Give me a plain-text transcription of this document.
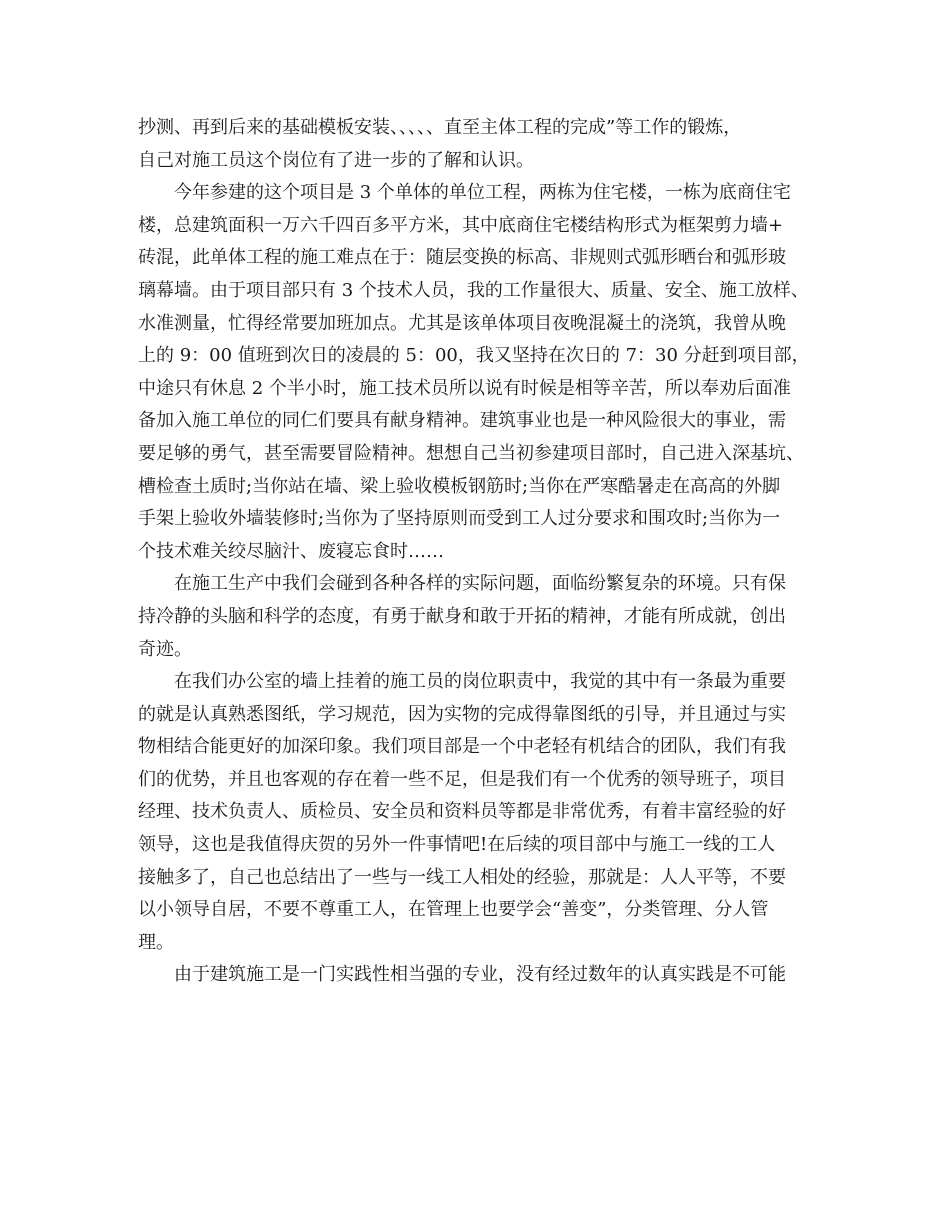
抄测、再到后来的基础模板安装、、、、、直至主体工程的完成”等工作的锻炼，
自己对施工员这个岗位有了进一步的了解和认识。
今年参建的这个项目是 3 个单体的单位工程，两栋为住宅楼，一栋为底商住宅
楼，总建筑面积一万六千四百多平方米，其中底商住宅楼结构形式为框架剪力墙+
砖混，此单体工程的施工难点在于：随层变换的标高、非规则式弧形晒台和弧形玻
璃幕墙。由于项目部只有 3 个技术人员，我的工作量很大、质量、安全、施工放样、
水准测量，忙得经常要加班加点。尤其是该单体项目夜晚混凝土的浇筑，我曾从晚
上的 9：00 值班到次日的凌晨的 5：00，我又坚持在次日的 7：30 分赶到项目部，
中途只有休息 2 个半小时，施工技术员所以说有时候是相等辛苦，所以奉劝后面准
备加入施工单位的同仁们要具有献身精神。建筑事业也是一种风险很大的事业，需
要足够的勇气，甚至需要冒险精神。想想自己当初参建项目部时，自己进入深基坑、
槽检查土质时;当你站在墙、梁上验收模板钢筋时;当你在严寒酷暑走在高高的外脚
手架上验收外墙装修时;当你为了坚持原则而受到工人过分要求和围攻时;当你为一
个技术难关绞尽脑汁、废寝忘食时……
在施工生产中我们会碰到各种各样的实际问题，面临纷繁复杂的环境。只有保
持冷静的头脑和科学的态度，有勇于献身和敢于开拓的精神，才能有所成就，创出
奇迹。
在我们办公室的墙上挂着的施工员的岗位职责中，我觉的其中有一条最为重要
的就是认真熟悉图纸，学习规范，因为实物的完成得靠图纸的引导，并且通过与实
物相结合能更好的加深印象。我们项目部是一个中老轻有机结合的团队，我们有我
们的优势，并且也客观的存在着一些不足，但是我们有一个优秀的领导班子，项目
经理、技术负责人、质检员、安全员和资料员等都是非常优秀，有着丰富经验的好
领导，这也是我值得庆贺的另外一件事情吧!在后续的项目部中与施工一线的工人
接触多了，自己也总结出了一些与一线工人相处的经验，那就是：人人平等，不要
以小领导自居，不要不尊重工人，在管理上也要学会“善变”，分类管理、分人管
理。
由于建筑施工是一门实践性相当强的专业，没有经过数年的认真实践是不可能
